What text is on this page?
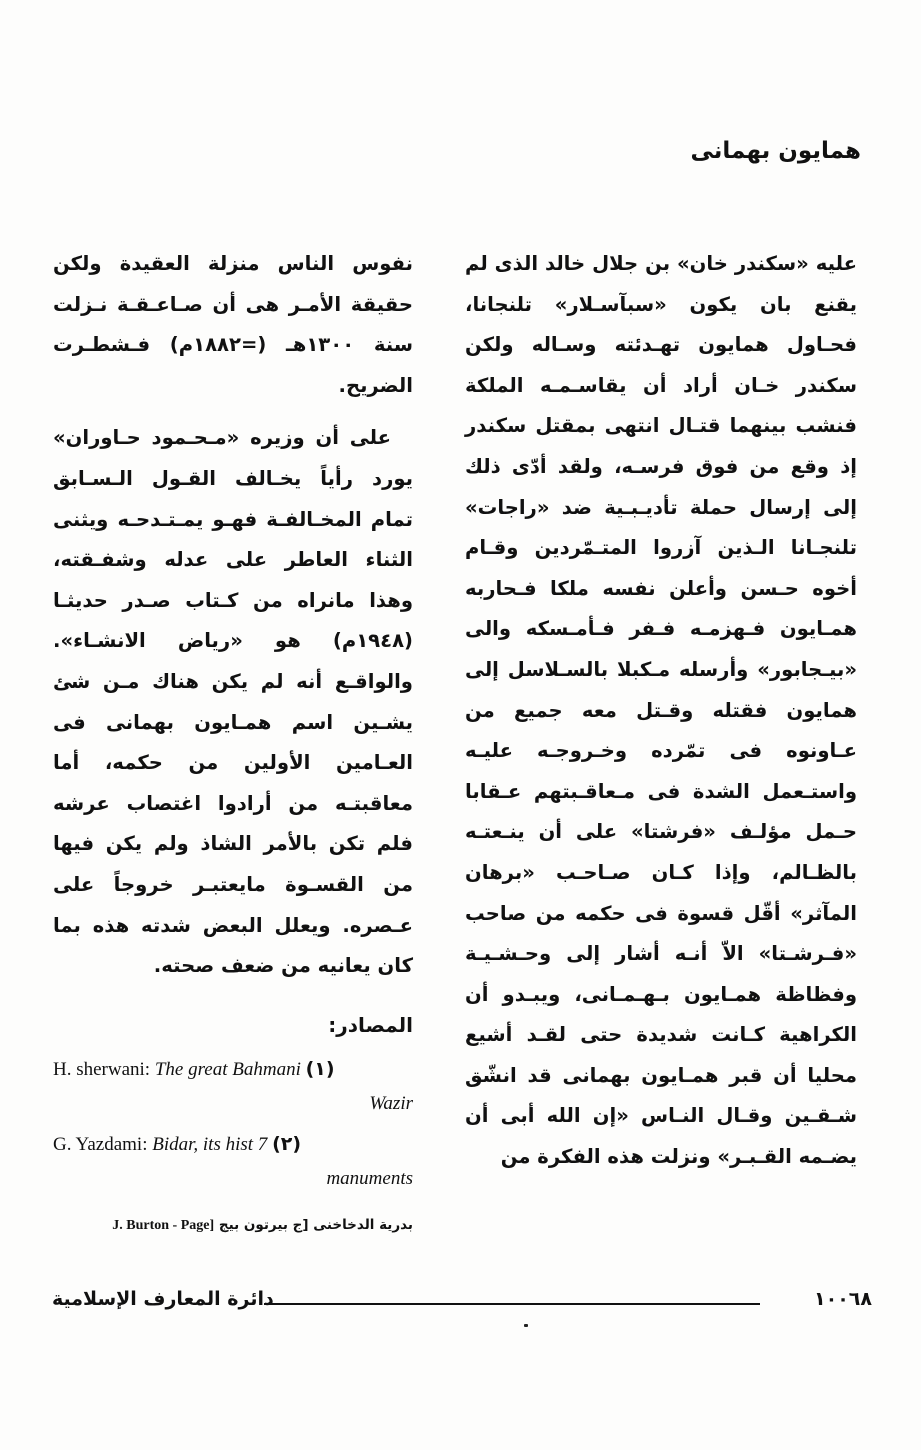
همايون بهمانى

عليه «سكندر خان» بن جلال خالد الذى لم يقنع بان يكون «سبآسـلار» تلنجانا، فحـاول همايون تهـدئته وسـاله ولكن سكندر خـان أراد أن يقاسـمـه الملكة فنشب بينهما قتـال انتهى بمقتل سكندر إذ وقع من فوق فرسـه، ولقد أدّى ذلك إلى إرسال حملة تأديـبـية ضد «راجات» تلنجـانا الـذين آزروا المتـمّردين وقـام أخوه حـسن وأعلن نفسه ملكا فـحاربه همـايون فـهزمـه فـفر فـأمـسكه والى «بيـجابور» وأرسله مـكبلا بالسـلاسل إلى همايون فقتله وقـتل معه جميع من عـاونوه فى تمّرده وخـروجـه عليـه واستـعمل الشدة فى مـعاقـبتهم عـقابا حـمل مؤلـف «فرشتا» على أن ينـعتـه بالظـالم، وإذا كـان صـاحـب «برهان المآثر» أقّل قسوة فى حكمه من صاحب «فـرشـتا» الاّ أنـه أشار إلى وحـشـيـة وفظاظة همـايون بـهـمـانى، ويبـدو أن الكراهية كـانت شديدة حتى لقـد أشيع محليا أن قبر همـايون بهمانى قد انشّق شـقـين وقـال النـاس «إن الله أبى أن يضـمه القـبـر» ونزلت هذه الفكرة من

نفوس الناس منزلة العقيدة ولكن حقيقة الأمـر هى أن صـاعـقـة نـزلت سنة ١٣٠٠هـ (=١٨٨٢م) فـشطـرت الضريح.

على أن وزيره «مـحـمود حـاوران» يورد رأياً يخـالف القـول الـسـابق تمام المخـالفـة فهـو يمـتـدحـه ويثنى الثناء العاطر على عدله وشفـقته، وهذا مانراه من كـتاب صـدر حديثـا (١٩٤٨م) هو «رياض الانشـاء». والواقـع أنه لم يكن هناك مـن شئ يشـين اسم همـايون بهمانى فى العـامين الأولين من حكمه، أما معاقبتـه من أرادوا اغتصاب عرشه فلم تكن بالأمر الشاذ ولم يكن فيها من القسـوة مايعتبـر خروجاً على عـصره. ويعلل البعض شدته هذه بما كان يعانيه من ضعف صحته.

المصادر:

H. sherwani: The great Bahmani (١)

Wazir

G. Yazdami: Bidar, its hist 7 (٢)

manuments

بدرية الدخاخنى [ج بيرتون بيج J. Burton - Page]

دائرة المعارف الإسلامية	١٠٠٦٨
